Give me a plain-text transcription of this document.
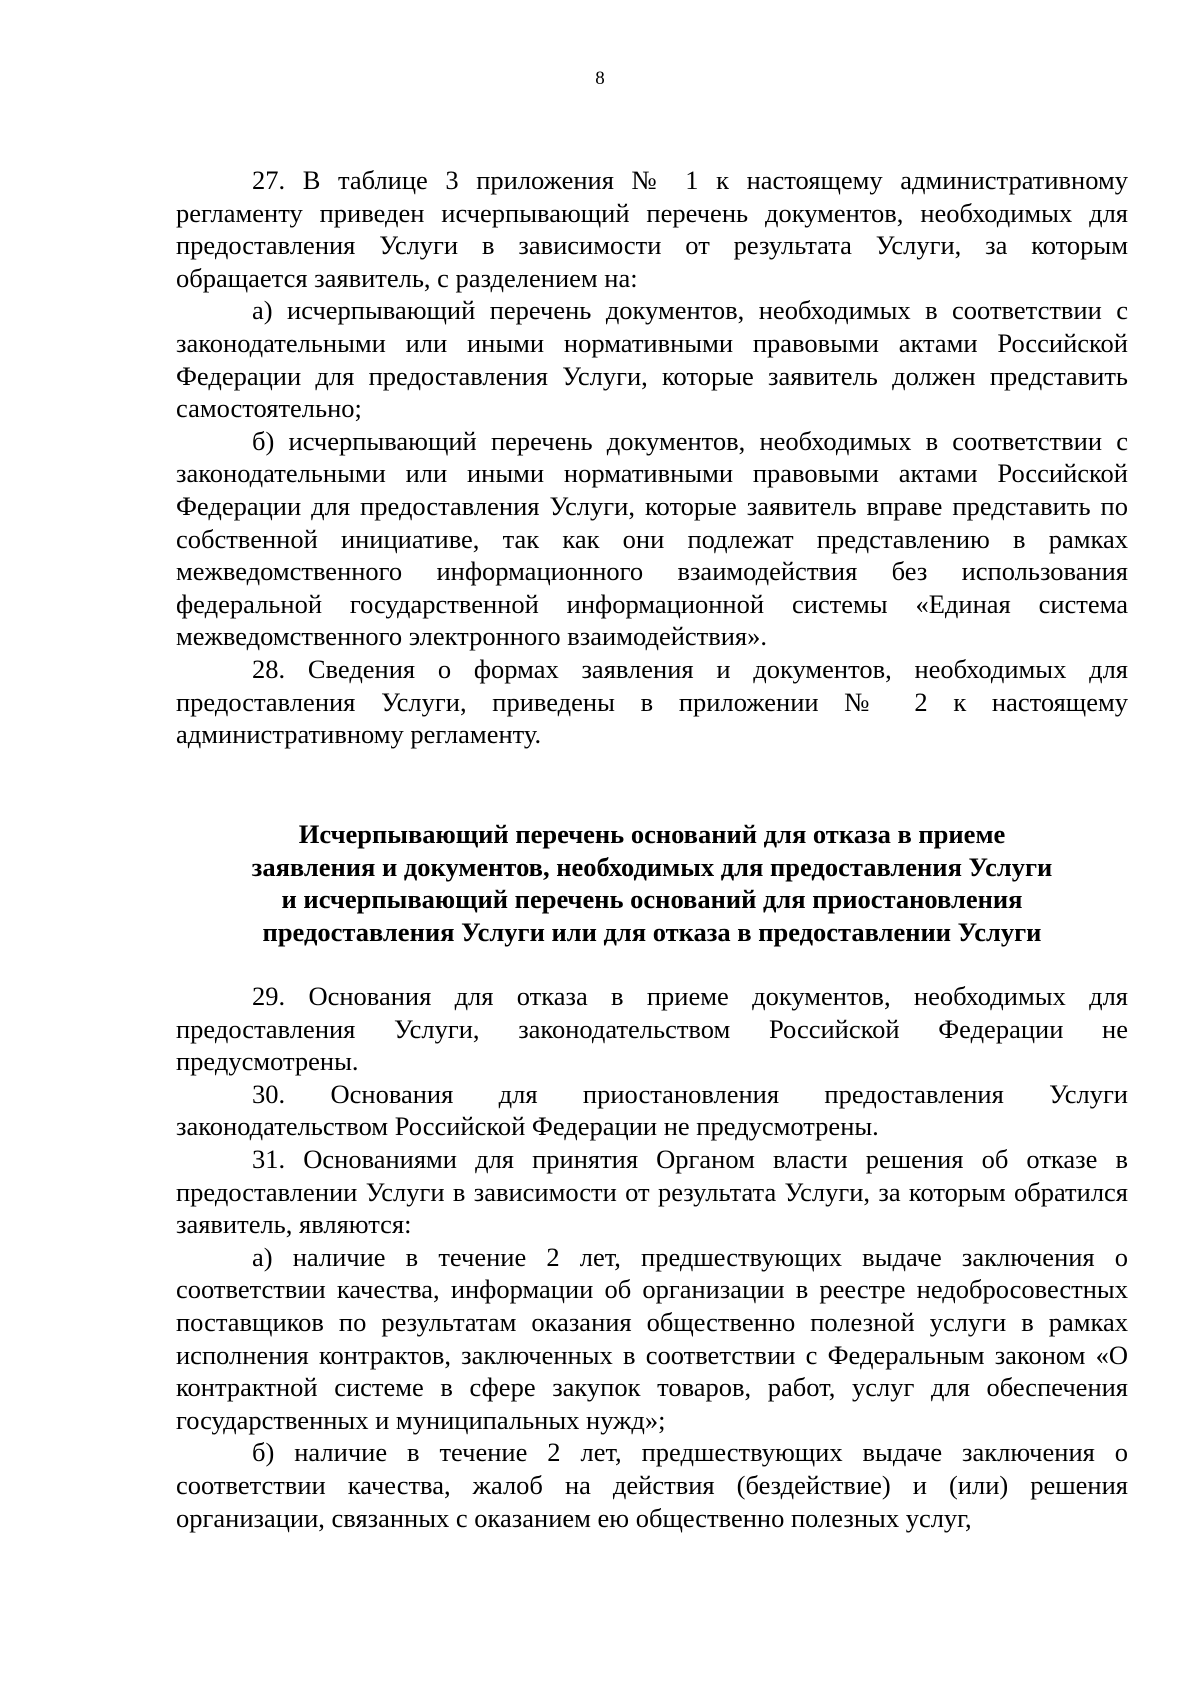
8

27. В таблице 3 приложения № 1 к настоящему административному регламенту приведен исчерпывающий перечень документов, необходимых для предоставления Услуги в зависимости от результата Услуги, за которым обращается заявитель, с разделением на:

а) исчерпывающий перечень документов, необходимых в соответствии с законодательными или иными нормативными правовыми актами Российской Федерации для предоставления Услуги, которые заявитель должен представить самостоятельно;

б) исчерпывающий перечень документов, необходимых в соответствии с законодательными или иными нормативными правовыми актами Российской Федерации для предоставления Услуги, которые заявитель вправе представить по собственной инициативе, так как они подлежат представлению в рамках межведомственного информационного взаимодействия без использования федеральной государственной информационной системы «Единая система межведомственного электронного взаимодействия».

28. Сведения о формах заявления и документов, необходимых для предоставления Услуги, приведены в приложении № 2 к настоящему административному регламенту.

Исчерпывающий перечень оснований для отказа в приеме
заявления и документов, необходимых для предоставления Услуги
и исчерпывающий перечень оснований для приостановления
предоставления Услуги или для отказа в предоставлении Услуги

29. Основания для отказа в приеме документов, необходимых для предоставления Услуги, законодательством Российской Федерации не предусмотрены.

30. Основания для приостановления предоставления Услуги законодательством Российской Федерации не предусмотрены.

31. Основаниями для принятия Органом власти решения об отказе в предоставлении Услуги в зависимости от результата Услуги, за которым обратился заявитель, являются:

а) наличие в течение 2 лет, предшествующих выдаче заключения о соответствии качества, информации об организации в реестре недобросовестных поставщиков по результатам оказания общественно полезной услуги в рамках исполнения контрактов, заключенных в соответствии с Федеральным законом «О контрактной системе в сфере закупок товаров, работ, услуг для обеспечения государственных и муниципальных нужд»;

б) наличие в течение 2 лет, предшествующих выдаче заключения о соответствии качества, жалоб на действия (бездействие) и (или) решения организации, связанных с оказанием ею общественно полезных услуг,
